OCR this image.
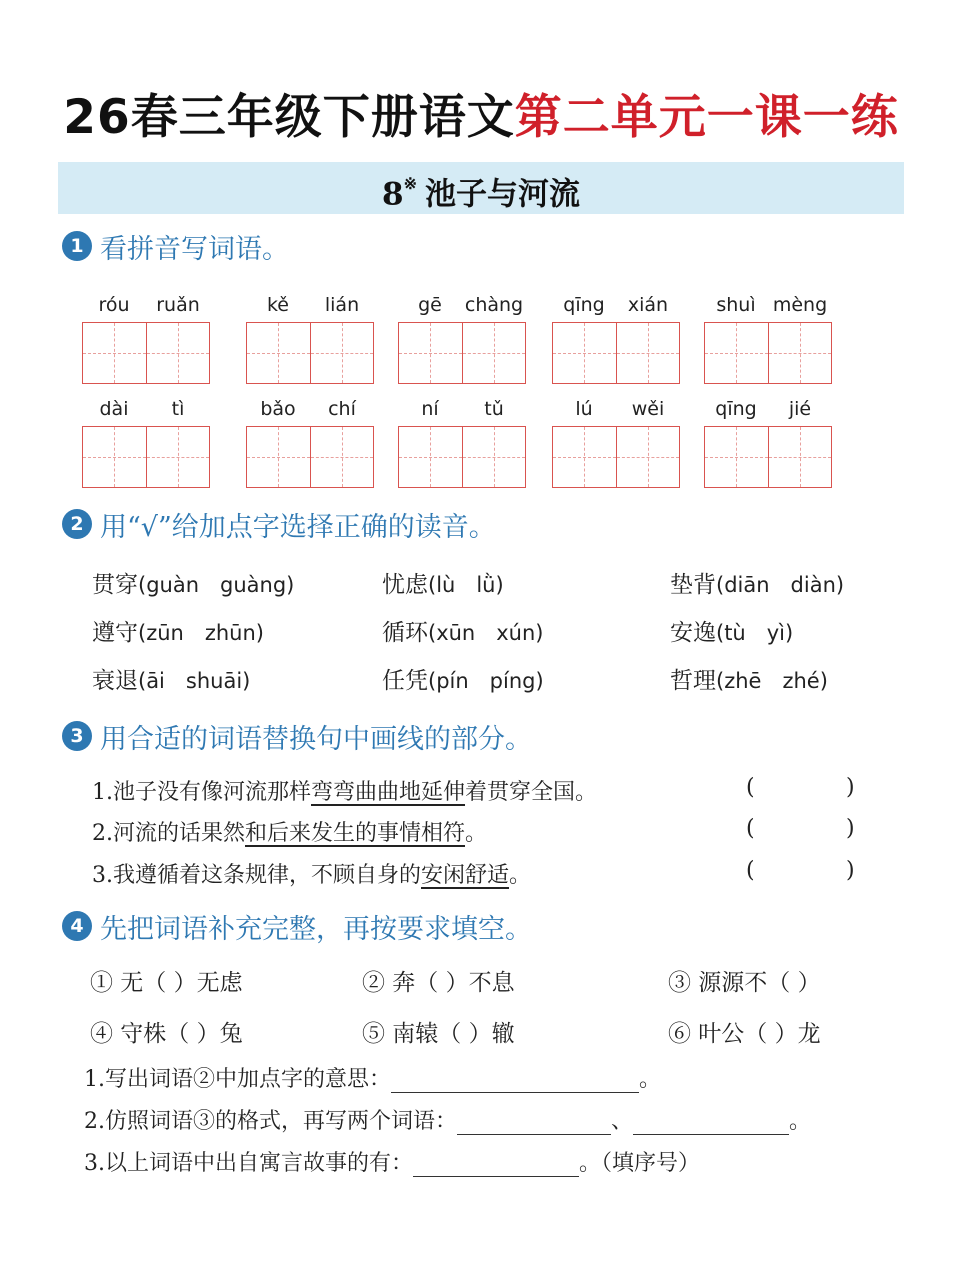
26春三年级下册语文第二单元一课一练
8※ 池子与河流
1 看拼音写词语。
róu	ruǎn	kě	lián	gē	chàng	qīng	xián	shuì mèng
dài	tì	bǎo	chí	ní	tǔ	lú	wěi	qīng	jié
2 用“√”给加点字选择正确的读音。
贯穿(guàn　guàng)	忧虑(lù　lǜ)	垫背(diān　diàn)
遵守(zūn　zhūn)	循环(xūn　xún)	安逸(tù　yì)
衰退(āi　shuāi)	任凭(pín　píng)	哲理(zhē　zhé)
3 用合适的词语替换句中画线的部分。
1.池子没有像河流那样弯弯曲曲地延伸着贯穿全国。	(	)
2.河流的话果然和后来发生的事情相符。	(	)
3.我遵循着这条规律，不顾自身的安闲舒适。	(	)
4 先把词语补充完整，再按要求填空。
① 无（ ）无虑	② 奔（ ）不息	③ 源源不（ ）
④ 守株（ ）兔	⑤ 南辕（ ）辙	⑥ 叶公（ ）龙
1.写出词语②中加点字的意思：	。
2.仿照词语③的格式，再写两个词语：	、	。
3.以上词语中出自寓言故事的有：	。（填序号）
